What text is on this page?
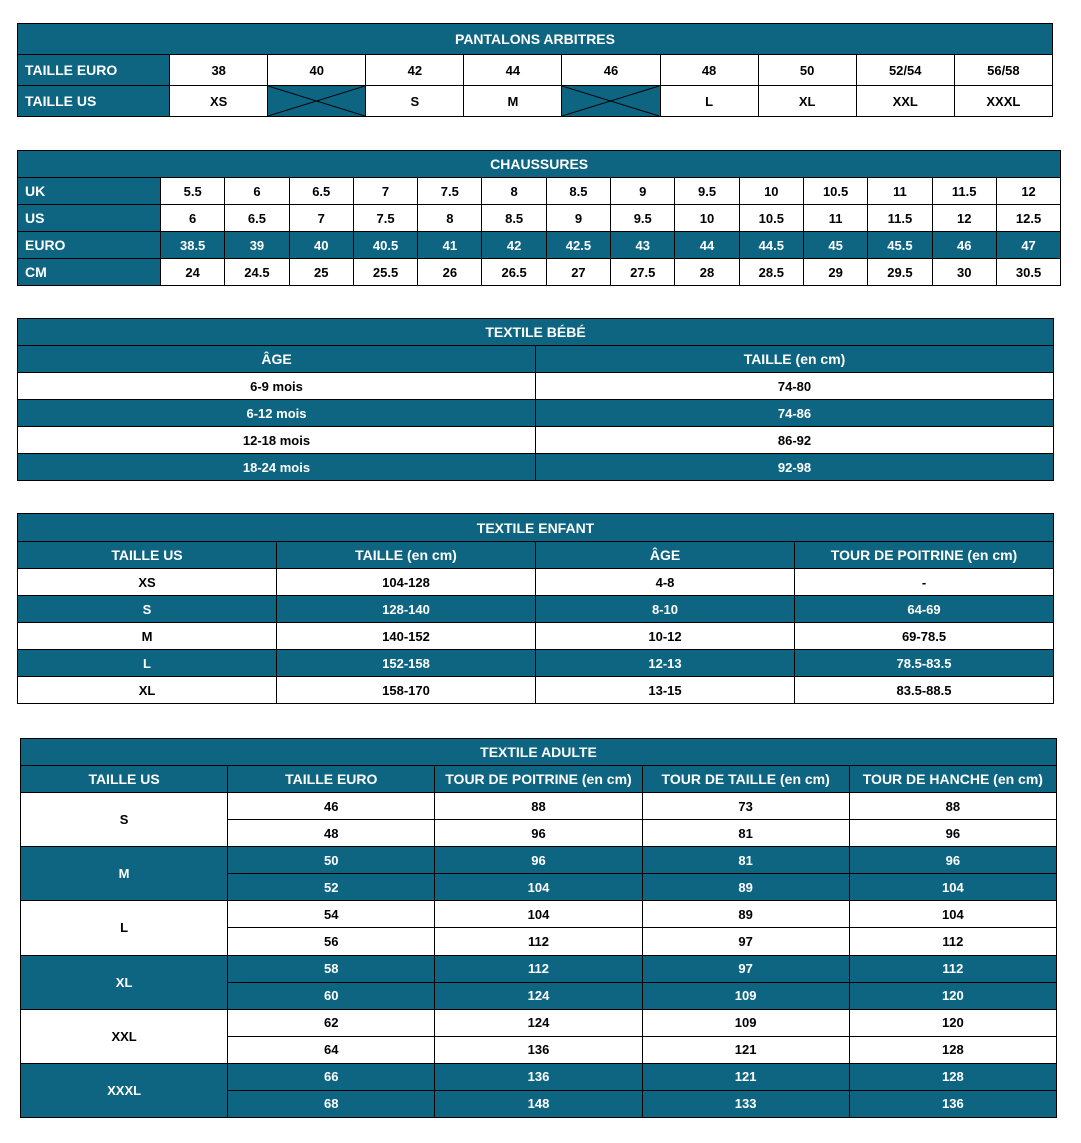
PANTALONS ARBITRES									
TAILLE EURO	38	40	42	44	46	48	50	52/54	56/58
TAILLE US	XS		S	M		L	XL	XXL	XXXL
CHAUSSURES														
UK	5.5	6	6.5	7	7.5	8	8.5	9	9.5	10	10.5	11	11.5	12
US	6	6.5	7	7.5	8	8.5	9	9.5	10	10.5	11	11.5	12	12.5
EURO	38.5	39	40	40.5	41	42	42.5	43	44	44.5	45	45.5	46	47
CM	24	24.5	25	25.5	26	26.5	27	27.5	28	28.5	29	29.5	30	30.5
TEXTILE BÉBÉ	
ÂGE	TAILLE (en cm)
6-9 mois	74-80
6-12 mois	74-86
12-18 mois	86-92
18-24 mois	92-98
TEXTILE ENFANT			
TAILLE US	TAILLE (en cm)	ÂGE	TOUR DE POITRINE (en cm)
XS	104-128	4-8	-
S	128-140	8-10	64-69
M	140-152	10-12	69-78.5
L	152-158	12-13	78.5-83.5
XL	158-170	13-15	83.5-88.5
TEXTILE ADULTE				
TAILLE US	TAILLE EURO	TOUR DE POITRINE (en cm)	TOUR DE TAILLE (en cm)	TOUR DE HANCHE (en cm)
S	46	88	73	88
	48	96	81	96
M	50	96	81	96
	52	104	89	104
L	54	104	89	104
	56	112	97	112
XL	58	112	97	112
	60	124	109	120
XXL	62	124	109	120
	64	136	121	128
XXXL	66	136	121	128
	68	148	133	136
